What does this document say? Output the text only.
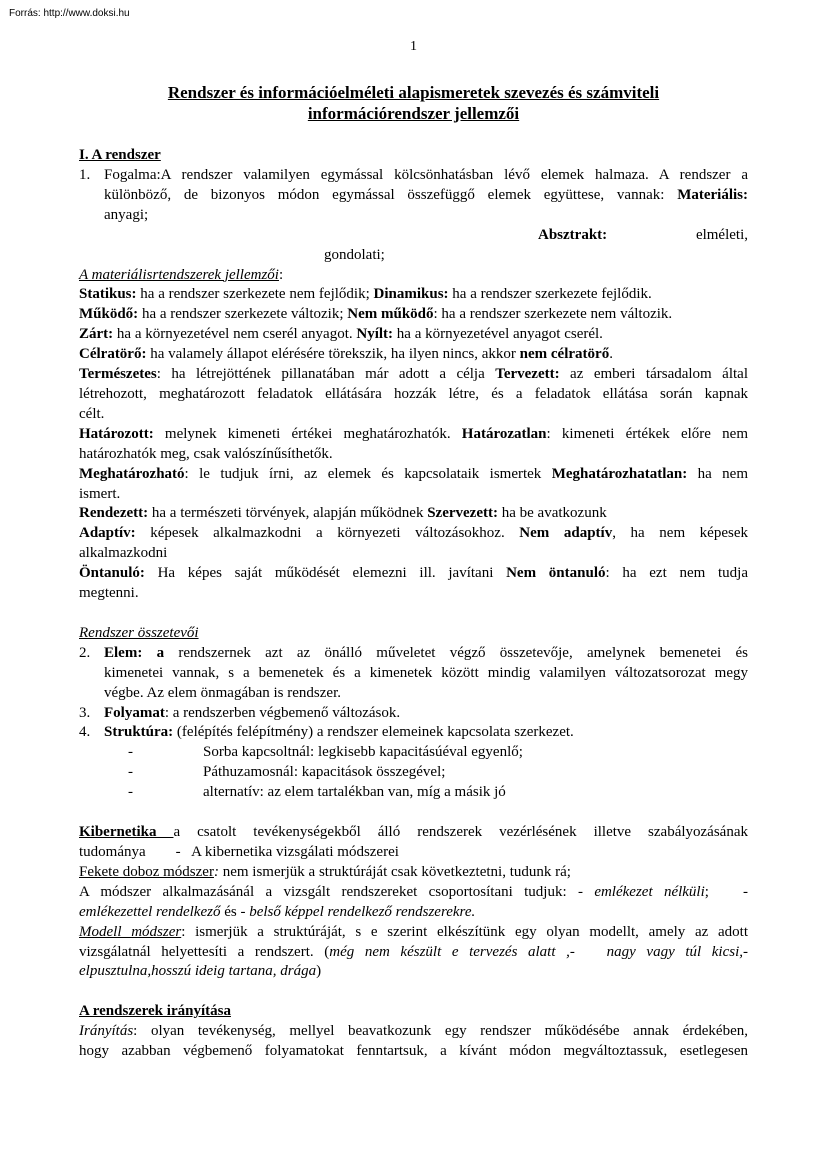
Forrás: http://www.doksi.hu
1
Rendszer és információelméleti alapismeretek szevezés és számviteli
információrendszer jellemzői
I. A rendszer
1. Fogalma:A rendszer valamilyen egymással kölcsönhatásban lévő elemek halmaza. A rendszer a
különböző, de bizonyos módon egymással összefüggő elemek együttese, vannak: Materiális:
anyagi;
Absztrakt:	elméleti,
gondolati;
A materiálisrtendszerek jellemzői:
Statikus: ha a rendszer szerkezete nem fejlődik; Dinamikus: ha a rendszer szerkezete fejlődik.
Működő: ha a rendszer szerkezete változik; Nem működő: ha a rendszer szerkezete nem változik.
Zárt: ha a környezetével nem cserél anyagot. Nyílt: ha a környezetével anyagot cserél.
Célratörő: ha valamely állapot elérésére törekszik, ha ilyen nincs, akkor nem célratörő.
Természetes: ha létrejöttének pillanatában már adott a célja Tervezett: az emberi társadalom által
létrehozott, meghatározott feladatok ellátására hozzák létre, és a feladatok ellátása során kapnak
célt.
Határozott: melynek kimeneti értékei meghatározhatók. Határozatlan: kimeneti értékek előre nem
határozhatók meg, csak valószínűsíthetők.
Meghatározható: le tudjuk írni, az elemek és kapcsolataik ismertek Meghatározhatatlan: ha nem
ismert.
Rendezett: ha a természeti törvények, alapján működnek Szervezett: ha be avatkozunk
Adaptív: képesek alkalmazkodni a környezeti változásokhoz. Nem adaptív, ha nem képesek
alkalmazkodni
Öntanuló: Ha képes saját működését elemezni ill. javítani Nem öntanuló: ha ezt nem tudja
megtenni.
Rendszer összetevői
2. Elem: a rendszernek azt az önálló műveletet végző összetevője, amelynek bemenetei és
kimenetei vannak, s a bemenetek és a kimenetek között mindig valamilyen változatsorozat megy
végbe. Az elem önmagában is rendszer.
3. Folyamat: a rendszerben végbemenő változások.
4. Struktúra: (felépítés felépítmény) a rendszer elemeinek kapcsolata szerkezet.
-	Sorba kapcsoltnál: legkisebb kapacitásúéval egyenlő;
-	Páthuzamosnál: kapacitások összegével;
-	alternatív: az elem tartalékban van, míg a másik jó
Kibernetika a csatolt tevékenységekből álló rendszerek vezérlésének illetve szabályozásának
tudománya        -   A kibernetika vizsgálati módszerei
Fekete doboz módszer: nem ismerjük a struktúráját csak következtetni, tudunk rá;
A módszer alkalmazásánál a vizsgált rendszereket csoportosítani tudjuk: - emlékezet nélküli;   -
emlékezettel rendelkező és - belső képpel rendelkező rendszerekre.
Modell módszer: ismerjük a struktúráját, s e szerint elkészítünk egy olyan modellt, amely az adott
vizsgálatnál helyettesíti a rendszert. (még nem készült e tervezés alatt ,-   nagy vagy túl kicsi,-
elpusztulna,hosszú ideig tartana, drága)
A rendszerek irányítása
Irányítás: olyan tevékenység, mellyel beavatkozunk egy rendszer működésébe annak érdekében,
hogy azabban végbemenő folyamatokat fenntartsuk, a kívánt módon megváltoztassuk, esetlegesen
